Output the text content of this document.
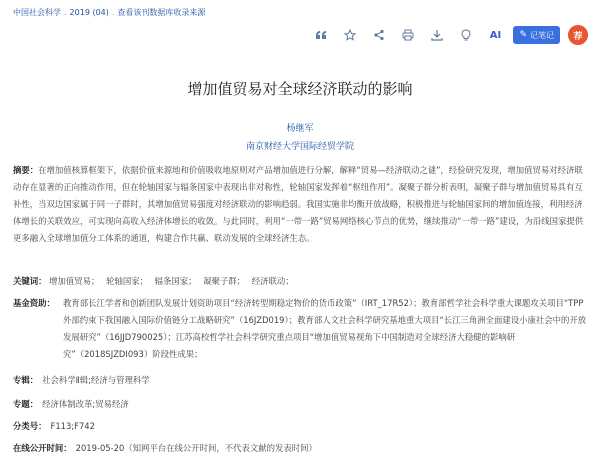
中国社会科学 . 2019 (04) . 查看该刊数据库收录来源
AI	✎ 记笔记	荐
增加值贸易对全球经济联动的影响
杨继军
南京财经大学国际经贸学院

摘要：在增加值核算框架下，依据价值来源地和价值吸收地原则对产品增加值进行分解，解释“贸易—经济联动之谜”，经验研究发现，增加值贸易对经济联动存在显著的正向推动作用，但在轮轴国家与辐条国家中表现出非对称性，轮轴国家发挥着“枢纽作用”。凝聚子群分析表明，凝聚子群与增加值贸易具有互补性，当双边国家属于同一子群时，其增加值贸易强度对经济联动的影响趋弱。我国实施非均衡开放战略，积极推进与轮轴国家间的增加值连接，利用经济体增长的关联效应，可实现向高收入经济体增长的收敛。与此同时，利用“一带一路”贸易网络核心节点的优势，继续推动“一带一路”建设，为沿线国家提供更多融入全球增加值分工体系的通道，构建合作共赢、联动发展的全球经济生态。

关键词： 增加值贸易； 轮轴国家； 辐条国家； 凝聚子群； 经济联动；
基金资助： 教育部长江学者和创新团队发展计划资助项目“经济转型期稳定物价的货币政策”（IRT_17R52）；教育部哲学社会科学重大课题攻关项目“TPP 外部约束下我国融入国际价值链分工战略研究”（16JZD019）；教育部人文社会科学研究基地重大项目“长江三角洲全面建设小康社会中的开放发展研究”（16JJD790025）；江苏高校哲学社会科学研究重点项目“增加值贸易视角下中国制造对全球经济大稳健的影响研究”（2018SJZDI093）阶段性成果；
专辑： 社会科学Ⅱ辑;经济与管理科学
专题： 经济体制改革;贸易经济
分类号： F113;F742
在线公开时间： 2019-05-20（知网平台在线公开时间，不代表文献的发表时间）
